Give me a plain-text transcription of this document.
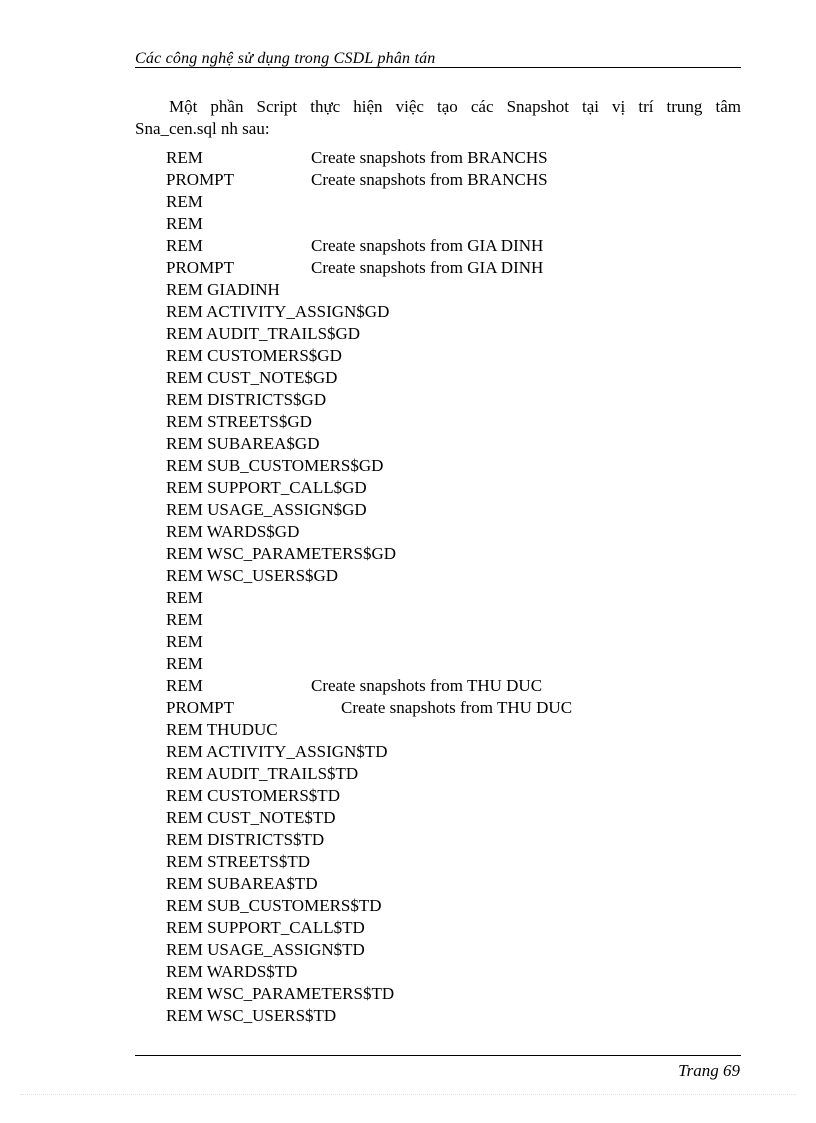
Các công nghệ sử dụng trong CSDL phân tán
Một phần Script thực hiện việc tạo các Snapshot tại vị trí trung tâm
Sna_cen.sql nh sau:
REM	Create snapshots from BRANCHS
PROMPT	Create snapshots from BRANCHS
REM
REM
REM	Create snapshots from GIA DINH
PROMPT	Create snapshots from GIA DINH
REM GIADINH
REM ACTIVITY_ASSIGN$GD
REM AUDIT_TRAILS$GD
REM CUSTOMERS$GD
REM CUST_NOTE$GD
REM DISTRICTS$GD
REM STREETS$GD
REM SUBAREA$GD
REM SUB_CUSTOMERS$GD
REM SUPPORT_CALL$GD
REM USAGE_ASSIGN$GD
REM WARDS$GD
REM WSC_PARAMETERS$GD
REM WSC_USERS$GD
REM
REM
REM
REM
REM	Create snapshots from THU DUC
PROMPT	Create snapshots from THU DUC
REM THUDUC
REM ACTIVITY_ASSIGN$TD
REM AUDIT_TRAILS$TD
REM CUSTOMERS$TD
REM CUST_NOTE$TD
REM DISTRICTS$TD
REM STREETS$TD
REM SUBAREA$TD
REM SUB_CUSTOMERS$TD
REM SUPPORT_CALL$TD
REM USAGE_ASSIGN$TD
REM WARDS$TD
REM WSC_PARAMETERS$TD
REM WSC_USERS$TD
Trang 69
